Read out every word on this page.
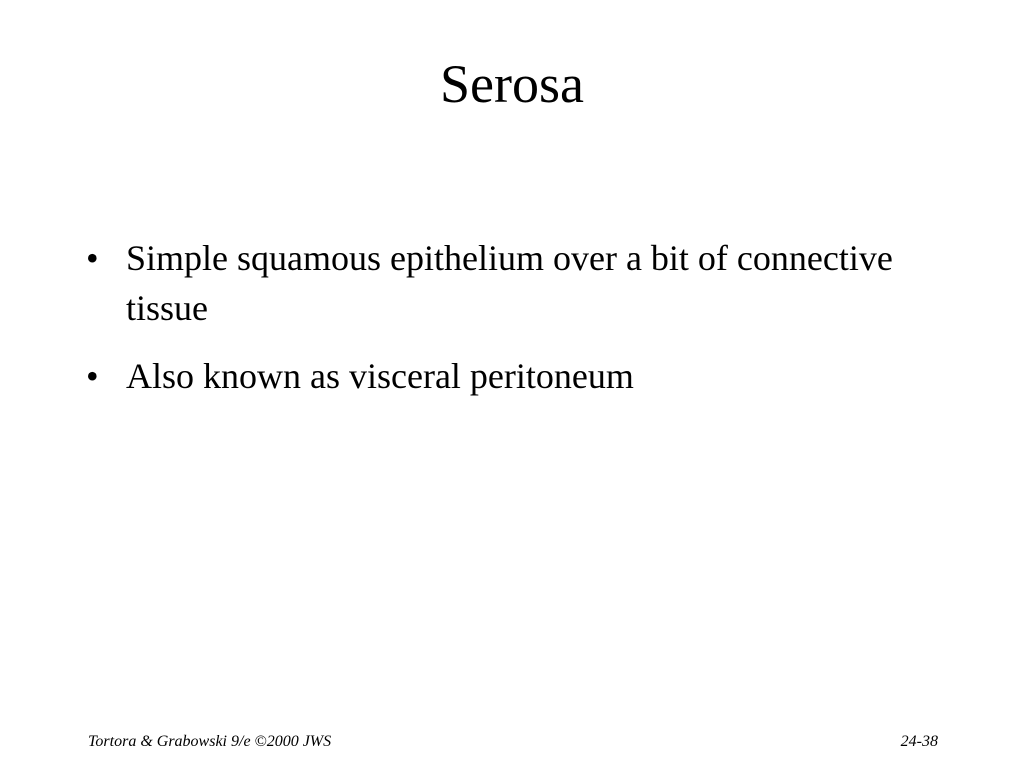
Serosa
• Simple squamous epithelium over a bit of connective tissue
• Also known as visceral peritoneum
Tortora & Grabowski 9/e ©2000 JWS	24-38
